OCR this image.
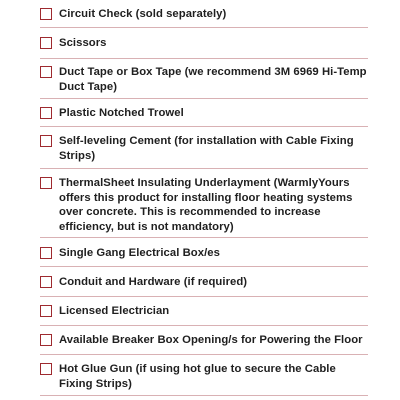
Circuit Check (sold separately)
Scissors
Duct Tape or Box Tape (we recommend 3M 6969 Hi-Temp Duct Tape)
Plastic Notched Trowel
Self-leveling Cement (for installation with Cable Fixing Strips)
ThermalSheet Insulating Underlayment (WarmlyYours offers this product for installing floor heating systems over concrete. This is recommended to increase efficiency, but is not mandatory)
Single Gang Electrical Box/es
Conduit and Hardware (if required)
Licensed Electrician
Available Breaker Box Opening/s for Powering the Floor
Hot Glue Gun (if using hot glue to secure the Cable Fixing Strips)
